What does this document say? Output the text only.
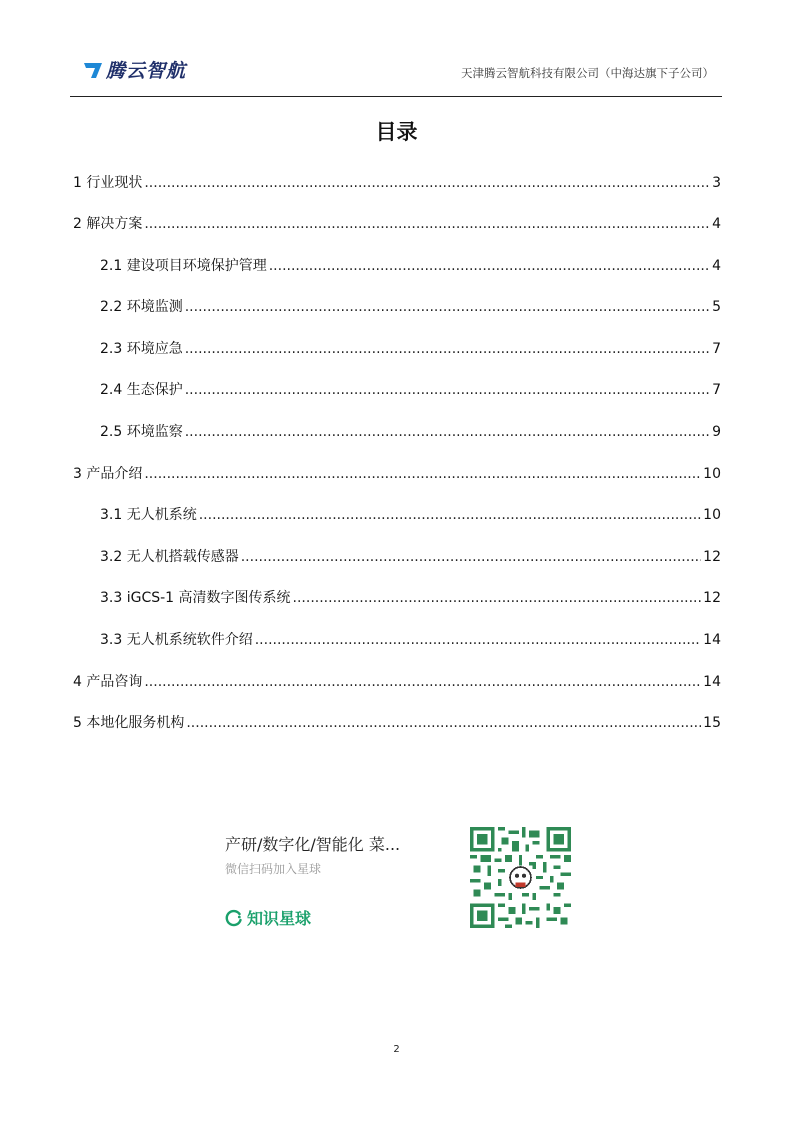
腾云智航	天津腾云智航科技有限公司（中海达旗下子公司）
目录
1 行业现状 .....	3
2 解决方案 .....	4
2.1 建设项目环境保护管理 .....	4
2.2 环境监测 .....	5
2.3 环境应急 .....	7
2.4 生态保护 .....	7
2.5 环境监察 .....	9
3 产品介绍 .....	10
3.1 无人机系统 .....	10
3.2 无人机搭载传感器 .....	12
3.3 iGCS-1 高清数字图传系统 .....	12
3.3 无人机系统软件介绍 .....	14
4 产品咨询 .....	14
5 本地化服务机构 .....	15
产研/数字化/智能化 菜...
微信扫码加入星球
知识星球
2
